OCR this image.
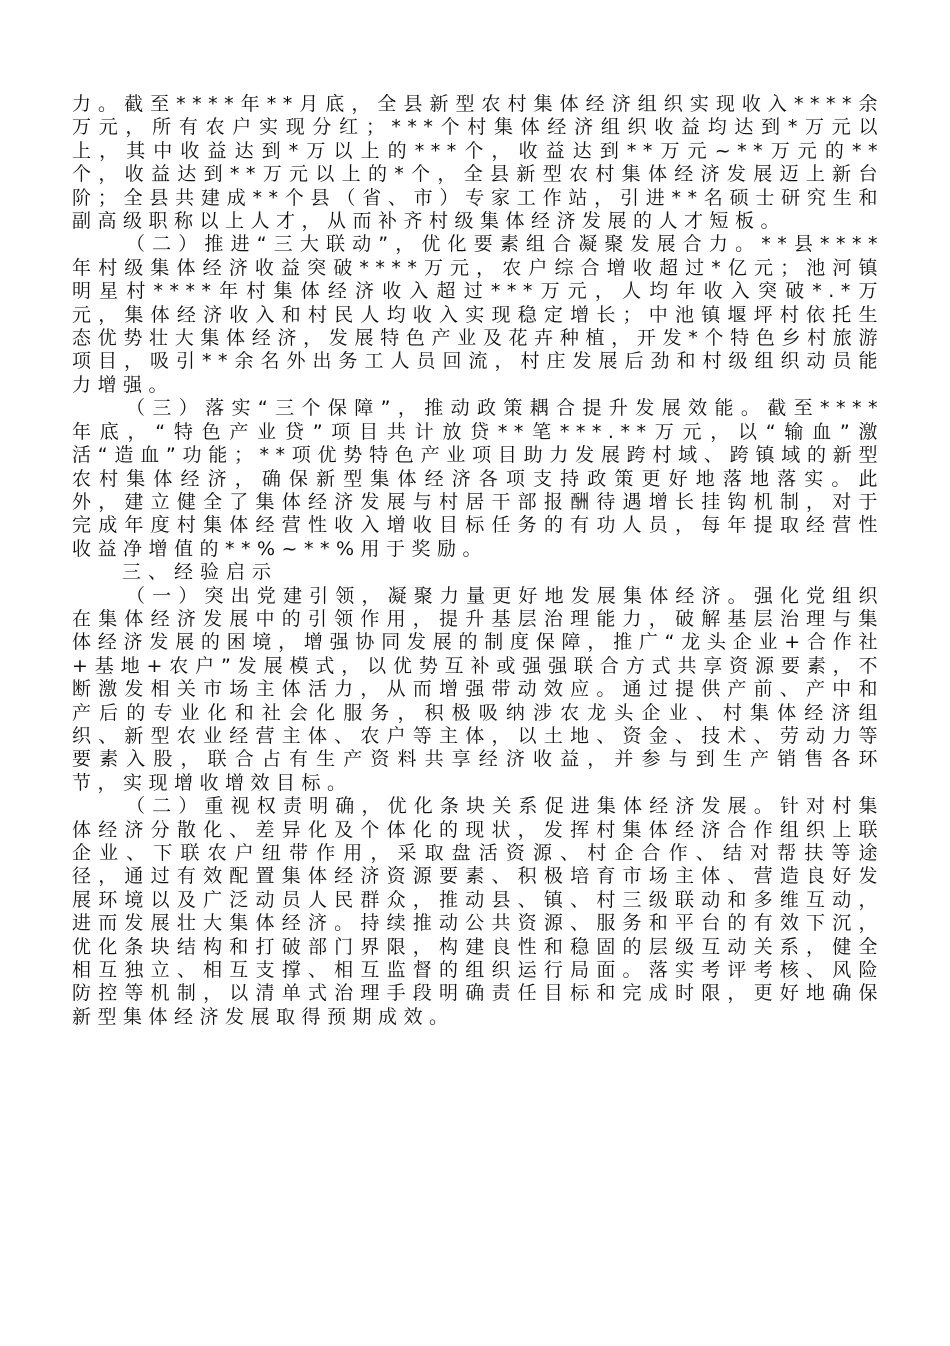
力。截至****年**月底，全县新型农村集体经济组织实现收入****余万元，所有农户实现分红；***个村集体经济组织收益均达到*万元以上，其中收益达到*万以上的***个，收益达到**万元~**万元的**个，收益达到**万元以上的*个，全县新型农村集体经济发展迈上新台阶；全县共建成**个县（省、市）专家工作站，引进**名硕士研究生和副高级职称以上人才，从而补齐村级集体经济发展的人才短板。

（二）推进“三大联动”，优化要素组合凝聚发展合力。**县****年村级集体经济收益突破****万元，农户综合增收超过*亿元；池河镇明星村****年村集体经济收入超过***万元，人均年收入突破*.*万元，集体经济收入和村民人均收入实现稳定增长；中池镇堰坪村依托生态优势壮大集体经济，发展特色产业及花卉种植，开发*个特色乡村旅游项目，吸引**余名外出务工人员回流，村庄发展后劲和村级组织动员能力增强。

（三）落实“三个保障”，推动政策耦合提升发展效能。截至****年底，“特色产业贷”项目共计放贷**笔***.**万元，以“输血”激活“造血”功能；**项优势特色产业项目助力发展跨村域、跨镇域的新型农村集体经济，确保新型集体经济各项支持政策更好地落地落实。此外，建立健全了集体经济发展与村居干部报酬待遇增长挂钩机制，对于完成年度村集体经营性收入增收目标任务的有功人员，每年提取经营性收益净增值的**%~**%用于奖励。

三、经验启示

（一）突出党建引领，凝聚力量更好地发展集体经济。强化党组织在集体经济发展中的引领作用，提升基层治理能力，破解基层治理与集体经济发展的困境，增强协同发展的制度保障，推广“龙头企业+合作社+基地+农户”发展模式，以优势互补或强强联合方式共享资源要素，不断激发相关市场主体活力，从而增强带动效应。通过提供产前、产中和产后的专业化和社会化服务，积极吸纳涉农龙头企业、村集体经济组织、新型农业经营主体、农户等主体，以土地、资金、技术、劳动力等要素入股，联合占有生产资料共享经济收益，并参与到生产销售各环节，实现增收增效目标。

（二）重视权责明确，优化条块关系促进集体经济发展。针对村集体经济分散化、差异化及个体化的现状，发挥村集体经济合作组织上联企业、下联农户纽带作用，采取盘活资源、村企合作、结对帮扶等途径，通过有效配置集体经济资源要素、积极培育市场主体、营造良好发展环境以及广泛动员人民群众，推动县、镇、村三级联动和多维互动，进而发展壮大集体经济。持续推动公共资源、服务和平台的有效下沉，优化条块结构和打破部门界限，构建良性和稳固的层级互动关系，健全相互独立、相互支撑、相互监督的组织运行局面。落实考评考核、风险防控等机制，以清单式治理手段明确责任目标和完成时限，更好地确保新型集体经济发展取得预期成效。
